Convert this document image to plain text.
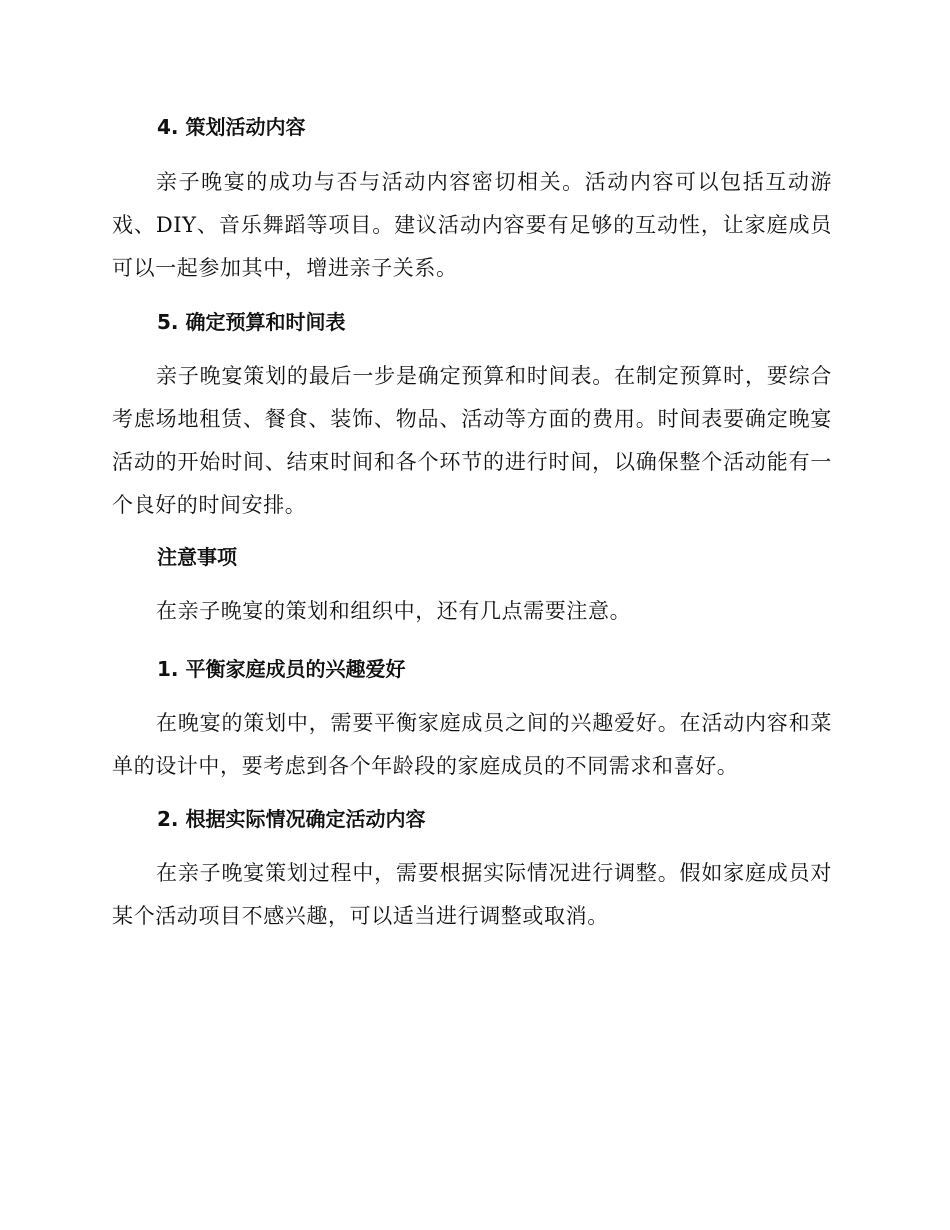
4. 策划活动内容

亲子晚宴的成功与否与活动内容密切相关。活动内容可以包括互动游戏、DIY、音乐舞蹈等项目。建议活动内容要有足够的互动性，让家庭成员可以一起参加其中，增进亲子关系。

5. 确定预算和时间表

亲子晚宴策划的最后一步是确定预算和时间表。在制定预算时，要综合考虑场地租赁、餐食、装饰、物品、活动等方面的费用。时间表要确定晚宴活动的开始时间、结束时间和各个环节的进行时间，以确保整个活动能有一个良好的时间安排。

注意事项

在亲子晚宴的策划和组织中，还有几点需要注意。

1. 平衡家庭成员的兴趣爱好

在晚宴的策划中，需要平衡家庭成员之间的兴趣爱好。在活动内容和菜单的设计中，要考虑到各个年龄段的家庭成员的不同需求和喜好。

2. 根据实际情况确定活动内容

在亲子晚宴策划过程中，需要根据实际情况进行调整。假如家庭成员对某个活动项目不感兴趣，可以适当进行调整或取消。
